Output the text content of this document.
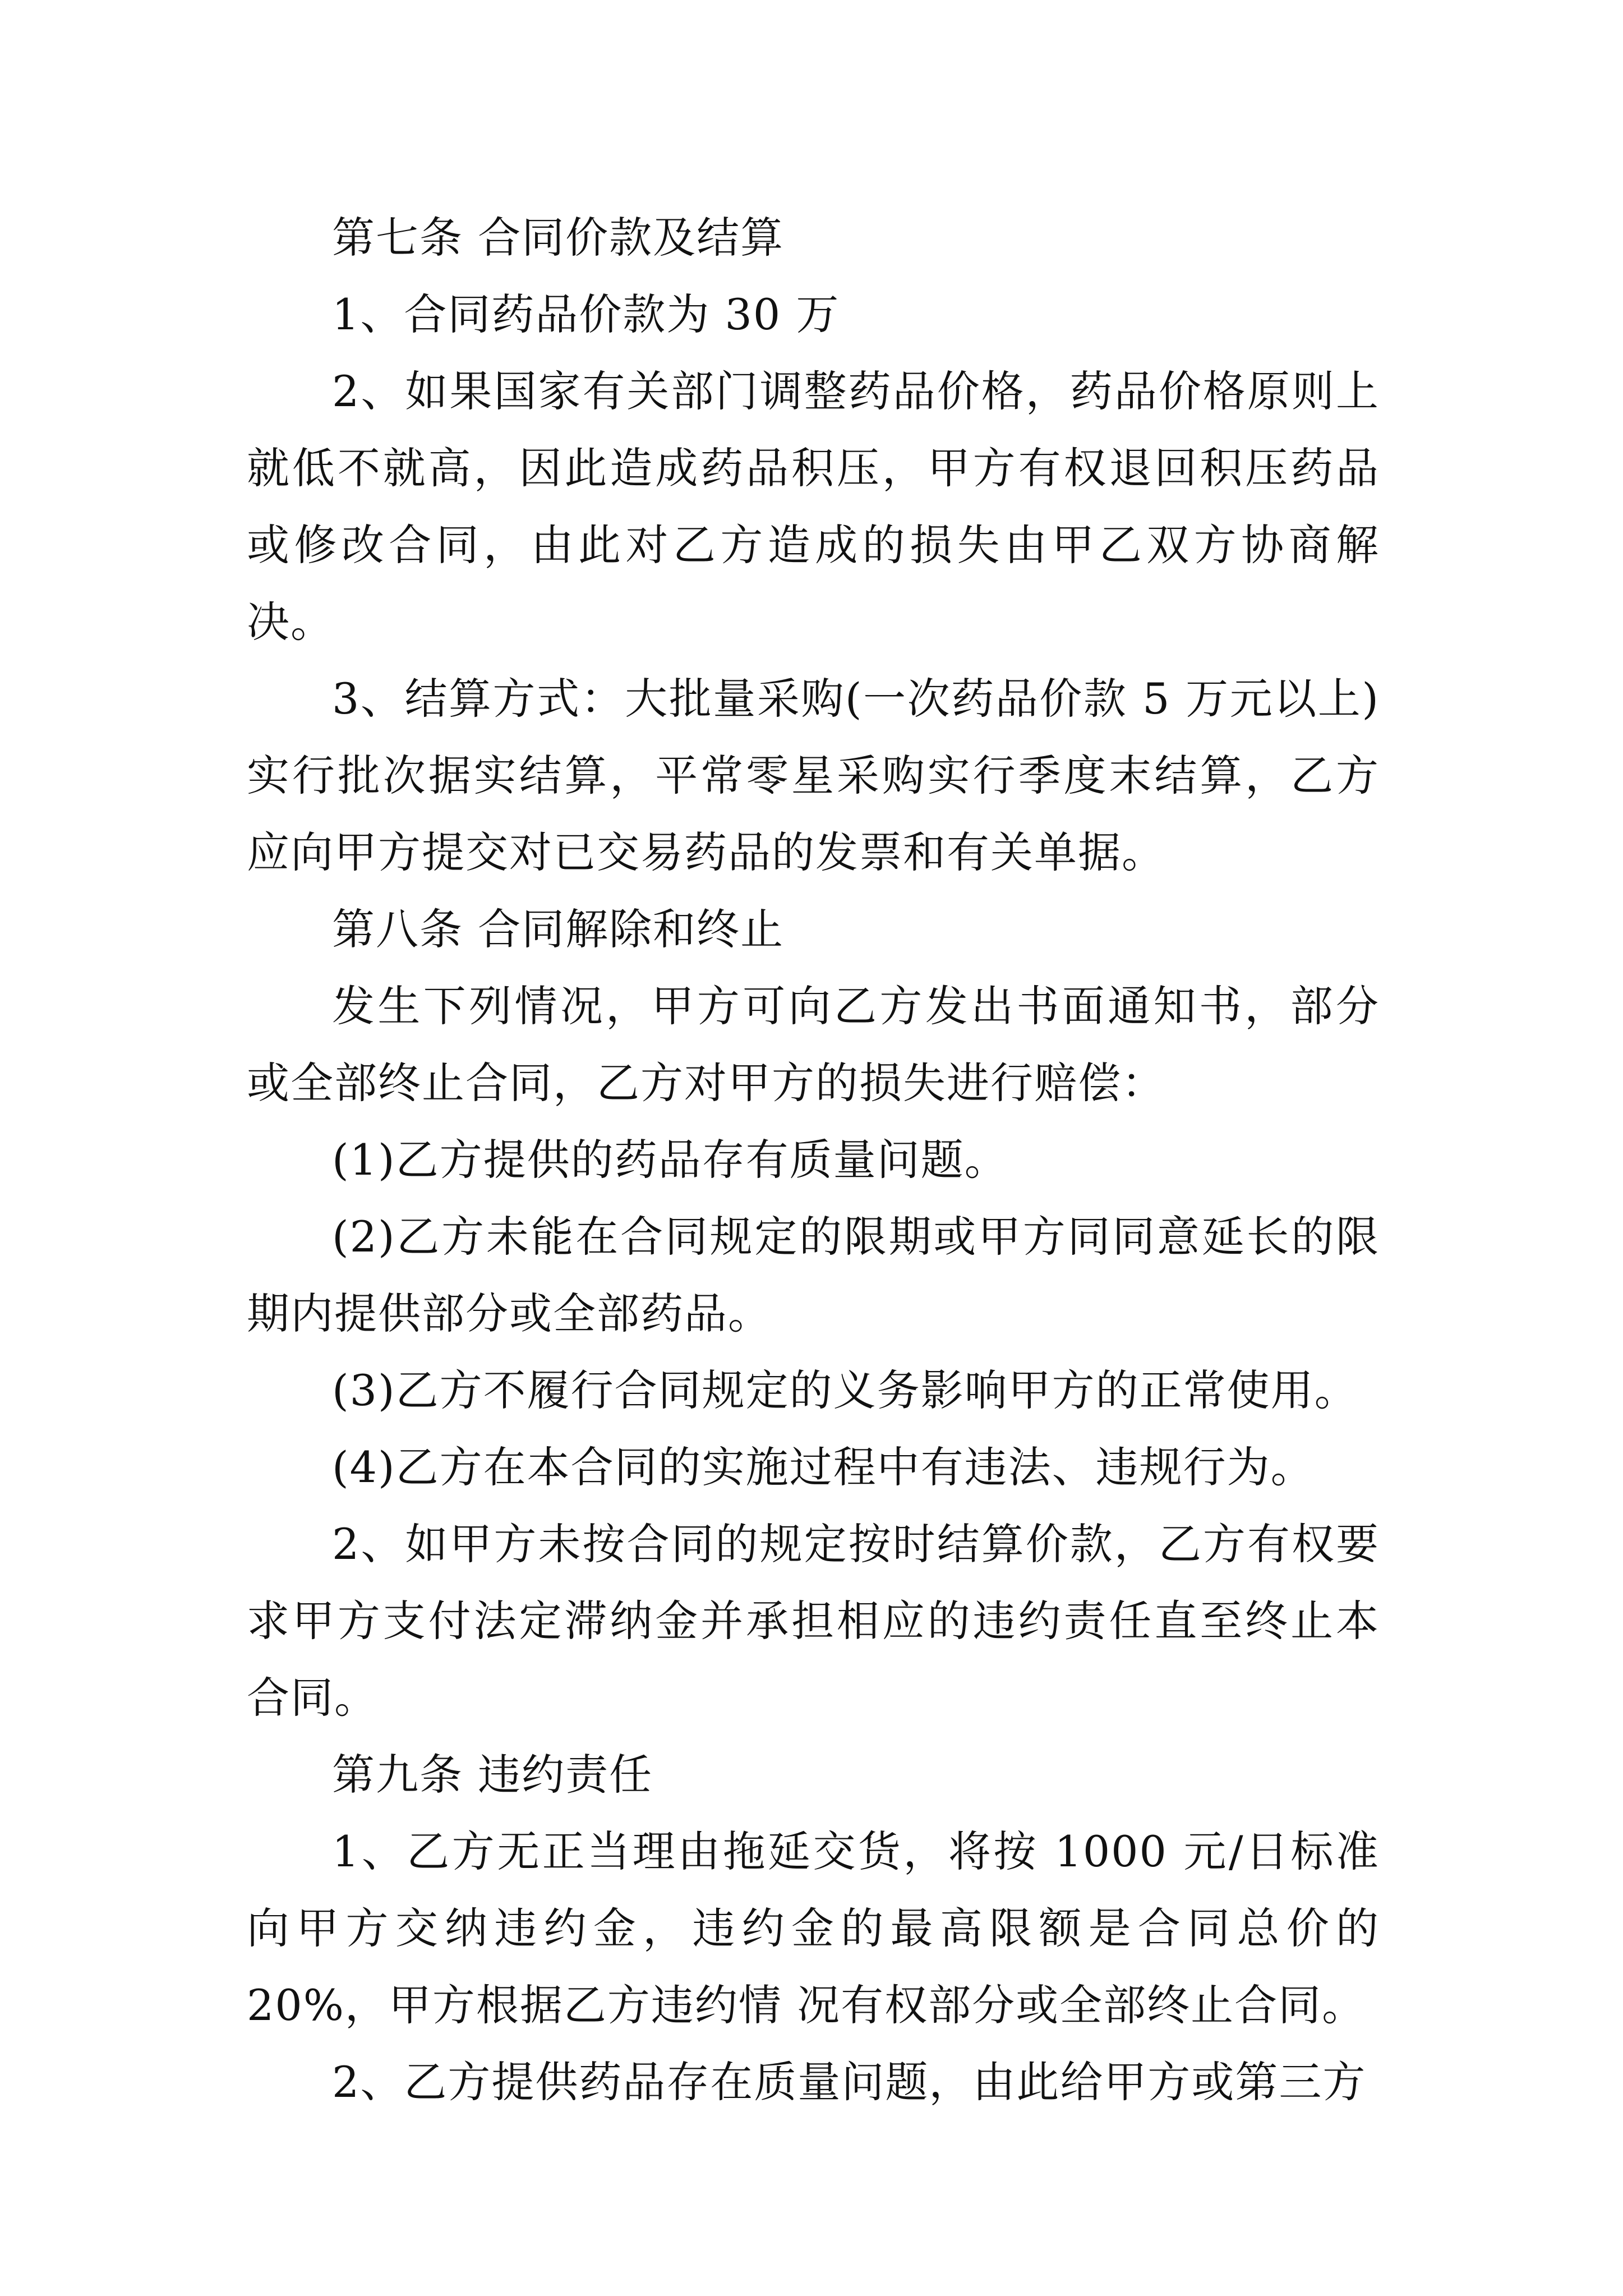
第七条 合同价款及结算

1、合同药品价款为 30 万

2、如果国家有关部门调整药品价格，药品价格原则上就低不就高，因此造成药品积压，甲方有权退回积压药品或修改合同，由此对乙方造成的损失由甲乙双方协商解决。

3、结算方式：大批量采购(一次药品价款 5 万元以上)实行批次据实结算，平常零星采购实行季度末结算，乙方应向甲方提交对已交易药品的发票和有关单据。

第八条 合同解除和终止

发生下列情况，甲方可向乙方发出书面通知书，部分或全部终止合同，乙方对甲方的损失进行赔偿：

(1)乙方提供的药品存有质量问题。

(2)乙方未能在合同规定的限期或甲方同同意延长的限期内提供部分或全部药品。

(3)乙方不履行合同规定的义务影响甲方的正常使用。

(4)乙方在本合同的实施过程中有违法、违规行为。

2、如甲方未按合同的规定按时结算价款，乙方有权要求甲方支付法定滞纳金并承担相应的违约责任直至终止本合同。

第九条 违约责任

1、乙方无正当理由拖延交货，将按 1000 元/日标准向甲方交纳违约金，违约金的最高限额是合同总价的 20%，甲方根据乙方违约情 况有权部分或全部终止合同。

2、乙方提供药品存在质量问题，由此给甲方或第三方
